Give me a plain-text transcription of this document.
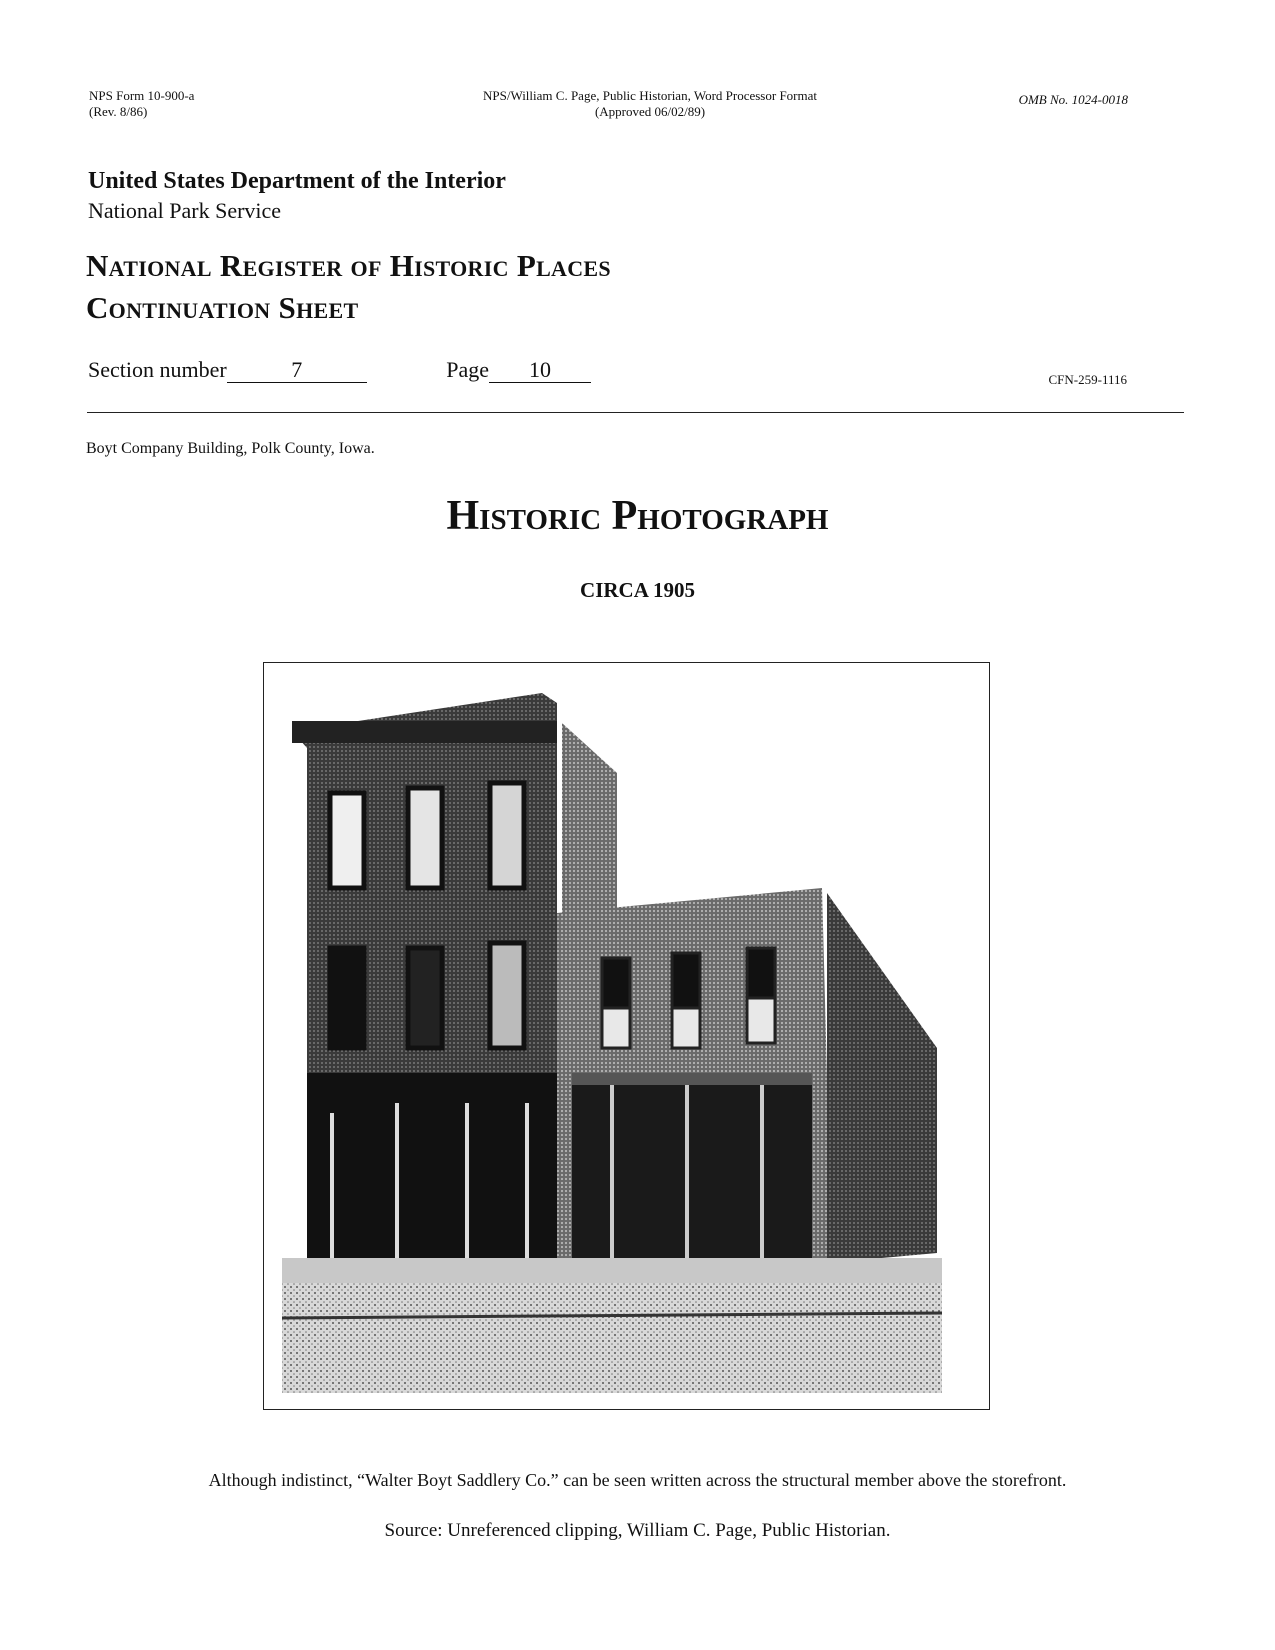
NPS Form 10-900-a
(Rev. 8/86)
NPS/William C. Page, Public Historian, Word Processor Format
(Approved 06/02/89)
OMB No. 1024-0018
United States Department of the Interior
National Park Service
National Register of Historic Places
Continuation Sheet
Section number	7	Page 10	CFN-259-1116
Boyt Company Building, Polk County, Iowa.
Historic Photograph
CIRCA 1905
Although indistinct, “Walter Boyt Saddlery Co.” can be seen written across the structural member above the storefront.
Source: Unreferenced clipping, William C. Page, Public Historian.
